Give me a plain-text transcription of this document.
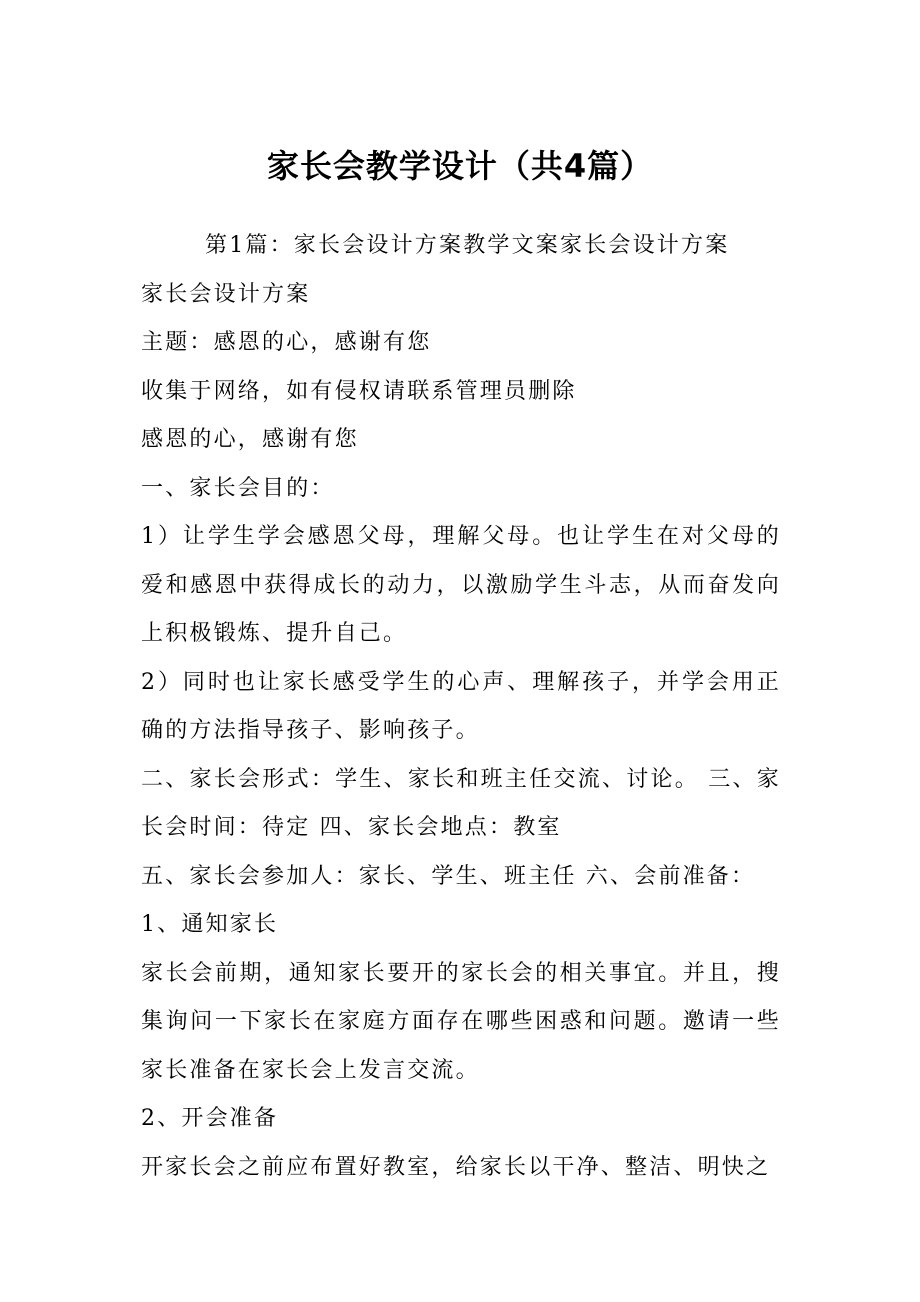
家长会教学设计（共4篇）

第1篇：家长会设计方案教学文案家长会设计方案

家长会设计方案

主题：感恩的心，感谢有您

收集于网络，如有侵权请联系管理员删除

感恩的心，感谢有您

一、家长会目的：

1）让学生学会感恩父母，理解父母。也让学生在对父母的爱和感恩中获得成长的动力，以激励学生斗志，从而奋发向上积极锻炼、提升自己。

2）同时也让家长感受学生的心声、理解孩子，并学会用正确的方法指导孩子、影响孩子。

二、家长会形式：学生、家长和班主任交流、讨论。 三、家长会时间：待定 四、家长会地点：教室

五、家长会参加人：家长、学生、班主任 六、会前准备：

1、通知家长

家长会前期，通知家长要开的家长会的相关事宜。并且，搜集询问一下家长在家庭方面存在哪些困惑和问题。邀请一些家长准备在家长会上发言交流。

2、开会准备

开家长会之前应布置好教室，给家长以干净、整洁、明快之
